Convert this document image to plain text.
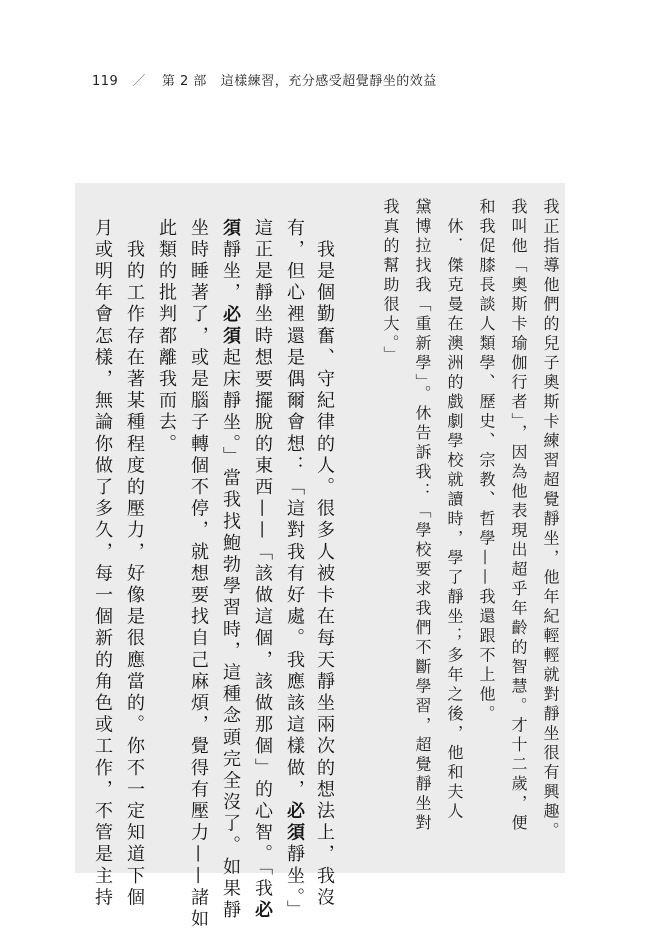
119 ／ 第 2 部 這樣練習，充分感受超覺靜坐的效益
我正指導他們的兒子奧斯卡練習超覺靜坐，他年紀輕輕就對靜坐很有興趣。
我叫他「奧斯卡瑜伽行者」，因為他表現出超乎年齡的智慧。才十二歲，便
和我促膝長談人類學、歷史、宗教、哲學——我還跟不上他。
　休．傑克曼在澳洲的戲劇學校就讀時，學了靜坐；多年之後，他和夫人
黛博拉找我「重新學」。休告訴我：「學校要求我們不斷學習，超覺靜坐對
我真的幫助很大。」
　我是個勤奮、守紀律的人。很多人被卡在每天靜坐兩次的想法上，我沒
有，但心裡還是偶爾會想：「這對我有好處。我應該這樣做，必須靜坐。」
這正是靜坐時想要擺脫的東西——「該做這個，該做那個」的心智。「我必
須靜坐，必須起床靜坐。」當我找鮑勃學習時，這種念頭完全沒了。如果靜
坐時睡著了，或是腦子轉個不停，就想要找自己麻煩，覺得有壓力——諸如
此類的批判都離我而去。
　我的工作存在著某種程度的壓力，好像是很應當的。你不一定知道下個
月或明年會怎樣，無論你做了多久，每一個新的角色或工作，不管是主持
